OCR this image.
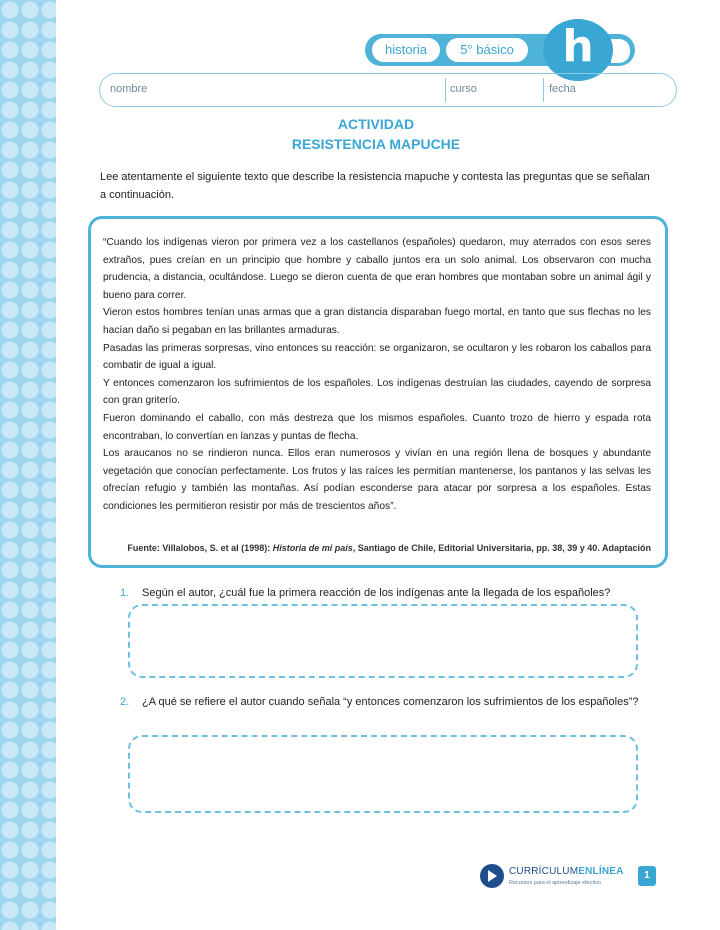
historia	5° básico	h
nombre	curso	fecha
ACTIVIDAD
RESISTENCIA MAPUCHE
Lee atentamente el siguiente texto que describe la resistencia mapuche y contesta las preguntas que se señalan a continuación.

“Cuando los indígenas vieron por primera vez a los castellanos (españoles) quedaron, muy aterrados con esos seres extraños, pues creían en un principio que hombre y caballo juntos era un solo animal. Los observaron con mucha prudencia, a distancia, ocultándose. Luego se dieron cuenta de que eran hombres que montaban sobre un animal ágil y bueno para correr.

Vieron estos hombres tenían unas armas que a gran distancia disparaban fuego mortal, en tanto que sus flechas no les hacían daño si pegaban en las brillantes armaduras.

Pasadas las primeras sorpresas, vino entonces su reacción: se organizaron, se ocultaron y les robaron los caballos para combatir de igual a igual.

Y entonces comenzaron los sufrimientos de los españoles. Los indígenas destruían las ciudades, cayendo de sorpresa con gran griterío.

Fueron dominando el caballo, con más destreza que los mismos españoles. Cuanto trozo de hierro y espada rota encontraban, lo convertían en lanzas y puntas de flecha.

Los araucanos no se rindieron nunca. Ellos eran numerosos y vivían en una región llena de bosques y abundante vegetación que conocían perfectamente. Los frutos y las raíces les permitían mantenerse, los pantanos y las selvas les ofrecían refugio y también las montañas. Así podían esconderse para atacar por sorpresa a los españoles. Estas condiciones les permitieron resistir por más de trescientos años”.

Fuente: Villalobos, S. et al (1998): Historia de mi país, Santiago de Chile, Editorial Universitaria, pp. 38, 39 y 40. Adaptación
1. Según el autor, ¿cuál fue la primera reacción de los indígenas ante la llegada de los españoles?
2. ¿A qué se refiere el autor cuando señala “y entonces comenzaron los sufrimientos de los españoles”?
CURRÍCULUMENLÍNEA
Recursos para el aprendizaje efectivo
1
